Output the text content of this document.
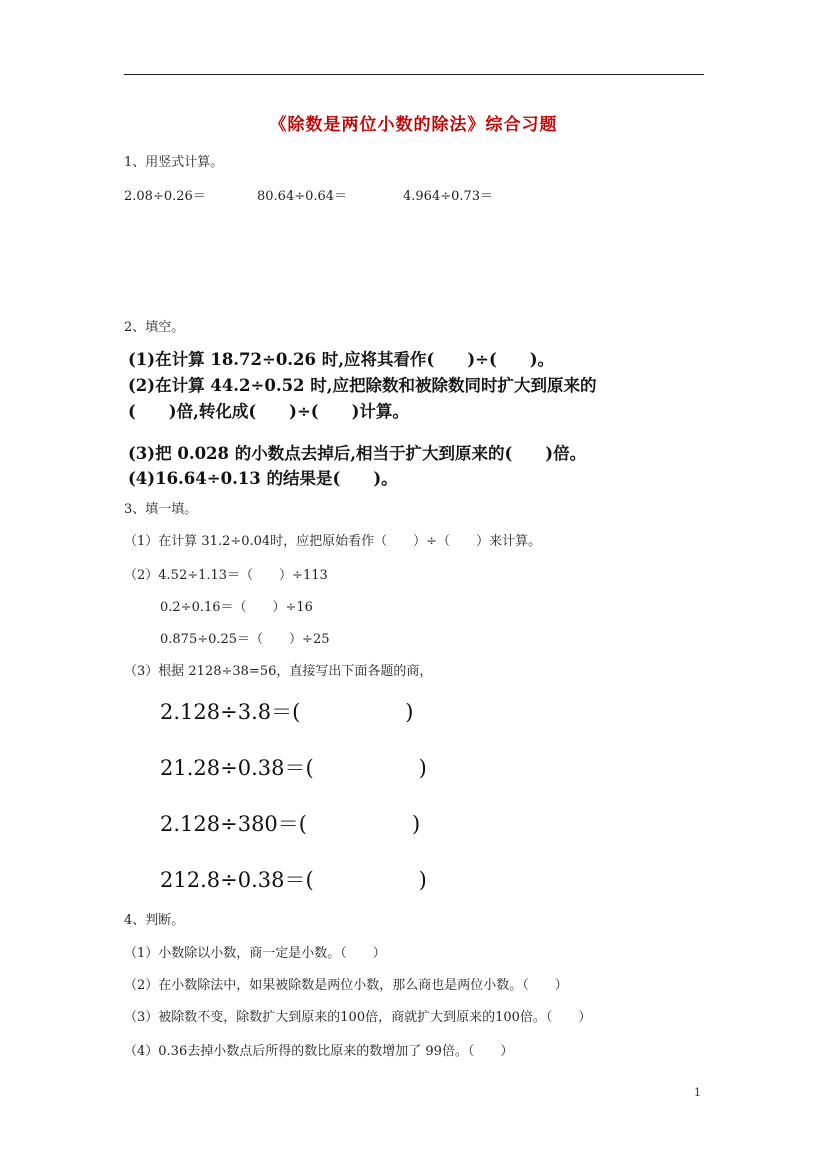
《除数是两位小数的除法》综合习题
1、用竖式计算。
2.08÷0.26＝	80.64÷0.64＝	4.964÷0.73＝
2、填空。
(1)在计算 18.72÷0.26 时,应将其看作(　　)÷(　　)。
(2)在计算 44.2÷0.52 时,应把除数和被除数同时扩大到原来的
(　　)倍,转化成(　　)÷(　　)计算。
(3)把 0.028 的小数点去掉后,相当于扩大到原来的(　　)倍。
(4)16.64÷0.13 的结果是(　　)。
3、填一填。
（1）在计算 31.2÷0.04时，应把原始看作（　　）÷（　　）来计算。
（2）4.52÷1.13＝（　　）÷113
0.2÷0.16＝（　　）÷16
0.875÷0.25＝（　　）÷25
（3）根据 2128÷38=56，直接写出下面各题的商，
2.128÷3.8＝(　　　　　)
21.28÷0.38＝(　　　　　)
2.128÷380＝(　　　　　)
212.8÷0.38＝(　　　　　)
4、判断。
（1）小数除以小数，商一定是小数。（　　）
（2）在小数除法中，如果被除数是两位小数，那么商也是两位小数。（　　）
（3）被除数不变，除数扩大到原来的100倍，商就扩大到原来的100倍。（　　）
（4）0.36去掉小数点后所得的数比原来的数增加了 99倍。（　　）
1
